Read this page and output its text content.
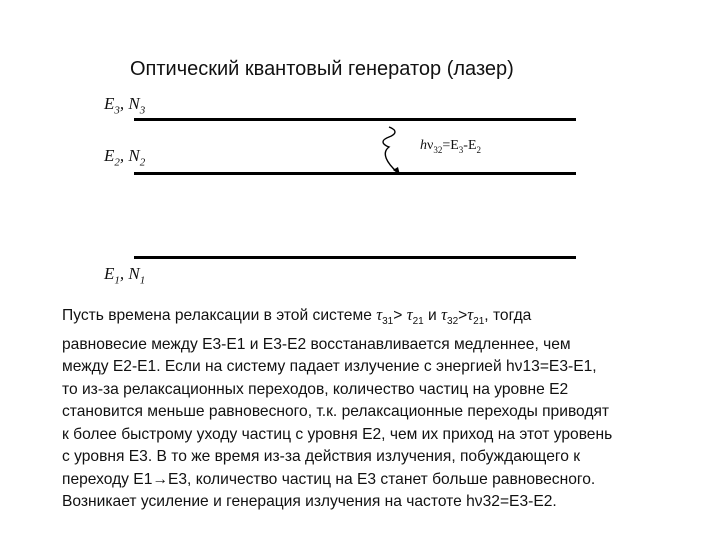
Оптический квантовый генератор (лазер)
$E_3$, $N_3$
$E_2$, $N_2$
$E_1$, $N_1$
$h\nu_{32}=E_3-E_2$
Пусть времена релаксации в этой системе $\tau_{31}> \tau_{21}$ и $\tau_{32}>\tau_{21}$, тогда
равновесие между E3-E1 и E3-E2 восстанавливается медленнее, чем
между E2-E1. Если на систему падает излучение с энергией hν13=E3-E1,
то из-за релаксационных переходов, количество частиц на уровне E2
становится меньше равновесного, т.к. релаксационные переходы приводят
к более быстрому уходу частиц с уровня E2, чем их приход на этот уровень
с уровня E3. В то же время из-за действия излучения, побуждающего к
переходу E1→E3, количество частиц на E3 станет больше равновесного.
Возникает усиление и генерация излучения на частоте hν32=E3-E2.
